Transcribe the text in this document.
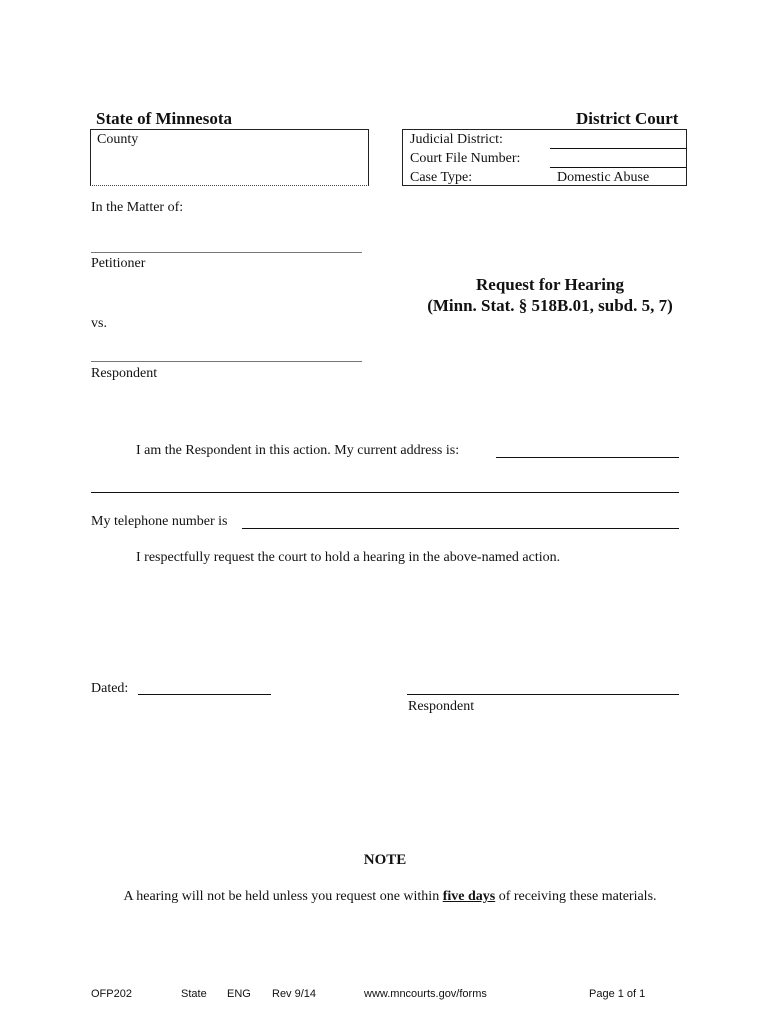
State of Minnesota	District Court
County	Judicial District:
Court File Number:
Case Type:	Domestic Abuse
In the Matter of:
Petitioner
Request for Hearing
(Minn. Stat. § 518B.01, subd. 5, 7)
vs.
Respondent
I am the Respondent in this action. My current address is:
My telephone number is
I respectfully request the court to hold a hearing in the above-named action.
Dated:
Respondent
NOTE
A hearing will not be held unless you request one within five days of receiving these materials.
OFP202	State ENG Rev 9/14	www.mncourts.gov/forms	Page 1 of 1
